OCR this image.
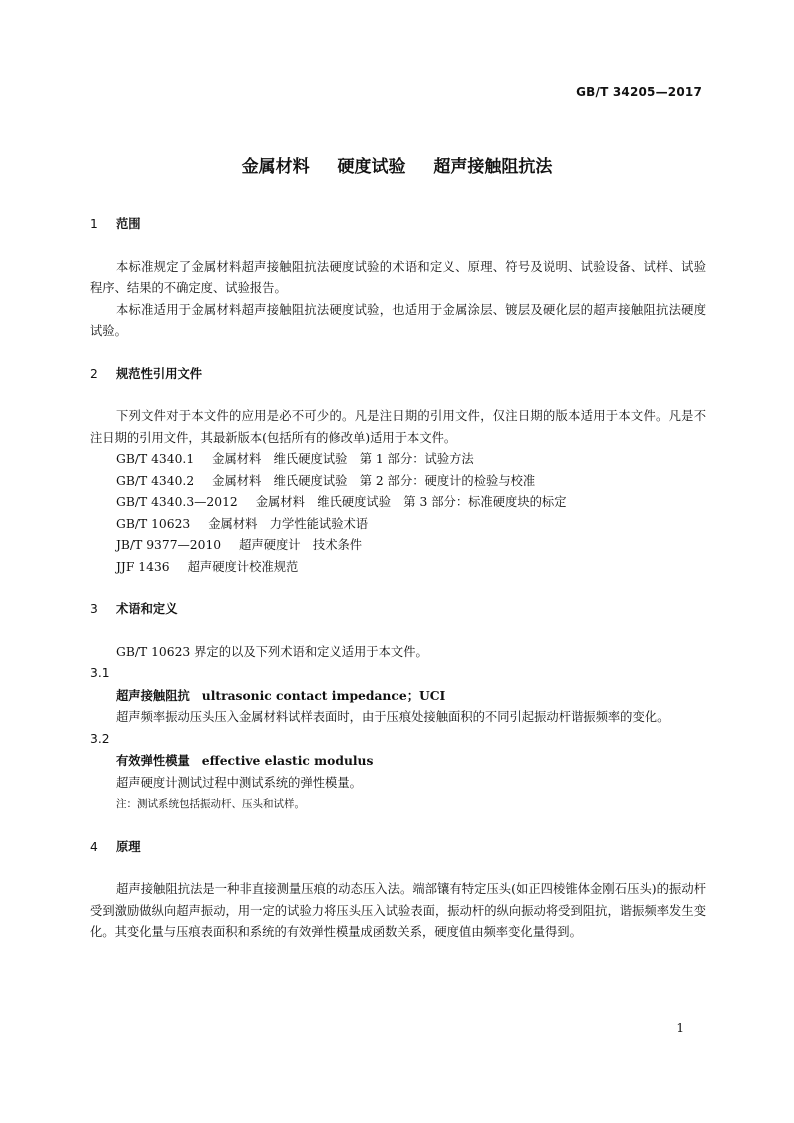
GB/T 34205—2017
金属材料 硬度试验 超声接触阻抗法

1 范围

本标准规定了金属材料超声接触阻抗法硬度试验的术语和定义、原理、符号及说明、试验设备、试样、试验程序、结果的不确定度、试验报告。

本标准适用于金属材料超声接触阻抗法硬度试验，也适用于金属涂层、镀层及硬化层的超声接触阻抗法硬度试验。

2 规范性引用文件

下列文件对于本文件的应用是必不可少的。凡是注日期的引用文件，仅注日期的版本适用于本文件。凡是不注日期的引用文件，其最新版本(包括所有的修改单)适用于本文件。

GB/T 4340.1 金属材料　维氏硬度试验　第 1 部分：试验方法

GB/T 4340.2 金属材料　维氏硬度试验　第 2 部分：硬度计的检验与校准

GB/T 4340.3—2012 金属材料　维氏硬度试验　第 3 部分：标准硬度块的标定

GB/T 10623 金属材料　力学性能试验术语

JB/T 9377—2010 超声硬度计　技术条件

JJF 1436 超声硬度计校准规范

3 术语和定义

GB/T 10623 界定的以及下列术语和定义适用于本文件。

3.1

超声接触阻抗 ultrasonic contact impedance；UCI

超声频率振动压头压入金属材料试样表面时，由于压痕处接触面积的不同引起振动杆谐振频率的变化。

3.2

有效弹性模量 effective elastic modulus

超声硬度计测试过程中测试系统的弹性模量。

注：测试系统包括振动杆、压头和试样。

4 原理

超声接触阻抗法是一种非直接测量压痕的动态压入法。端部镶有特定压头(如正四棱锥体金刚石压头)的振动杆受到激励做纵向超声振动，用一定的试验力将压头压入试验表面，振动杆的纵向振动将受到阻抗，谐振频率发生变化。其变化量与压痕表面积和系统的有效弹性模量成函数关系，硬度值由频率变化量得到。

1
